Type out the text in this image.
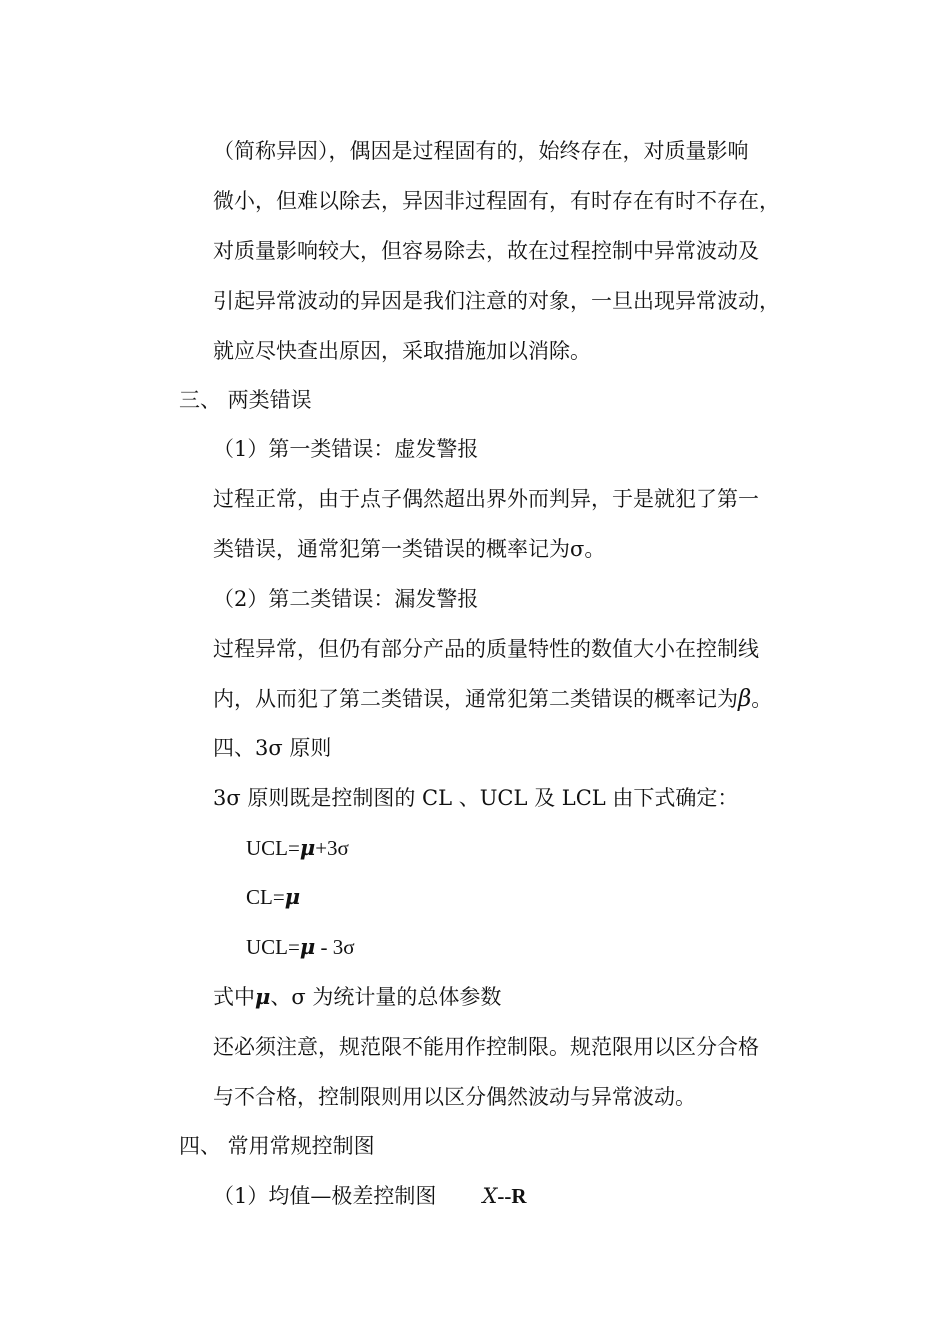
（简称异因），偶因是过程固有的，始终存在，对质量影响

微小，但难以除去，异因非过程固有，有时存在有时不存在，

对质量影响较大，但容易除去，故在过程控制中异常波动及

引起异常波动的异因是我们注意的对象，一旦出现异常波动，

就应尽快查出原因，采取措施加以消除。

三、 两类错误

（1）第一类错误：虚发警报

过程正常，由于点子偶然超出界外而判异，于是就犯了第一

类错误，通常犯第一类错误的概率记为σ。

（2）第二类错误：漏发警报

过程异常，但仍有部分产品的质量特性的数值大小在控制线

内，从而犯了第二类错误，通常犯第二类错误的概率记为β。

四、3σ 原则

3σ 原则既是控制图的 CL 、UCL 及 LCL 由下式确定：

UCL=μ+3σ

CL=μ

UCL=μ - 3σ

式中μ、σ 为统计量的总体参数

还必须注意，规范限不能用作控制限。规范限用以区分合格

与不合格，控制限则用以区分偶然波动与异常波动。

四、 常用常规控制图

（1）均值—极差控制图 X--R
